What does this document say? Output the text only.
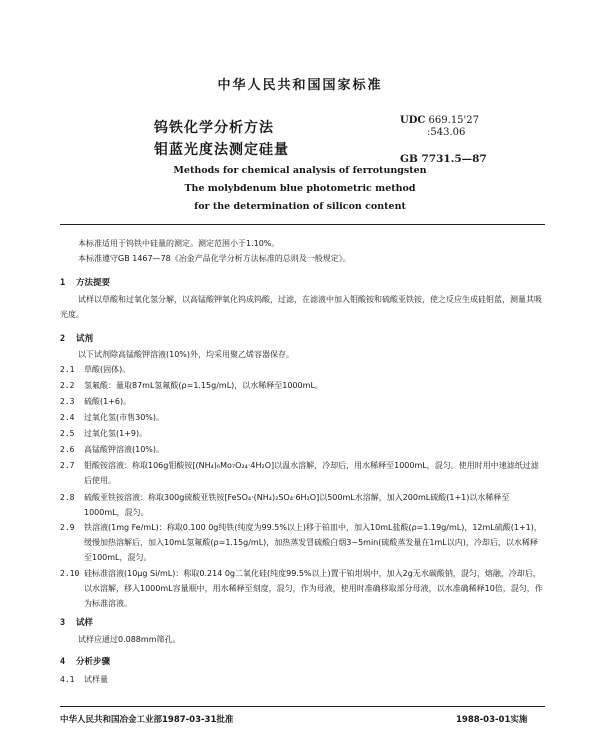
中华人民共和国国家标准
钨铁化学分析方法
钼蓝光度法测定硅量
UDC 669.15'27
:543.06
GB 7731.5—87
Methods for chemical analysis of ferrotungsten
The molybdenum blue photometric method
for the determination of silicon content
本标准适用于钨铁中硅量的测定。测定范围小于1.10%。
本标准遵守GB 1467—78《冶金产品化学分析方法标准的总则及一般规定》。
1 方法提要
试样以草酸和过氧化氢分解，以高锰酸钾氧化钨成钨酸，过滤，在滤液中加入钼酸铵和硫酸亚铁铵，使之反应生成硅钼蓝，测量其吸光度。
2 试剂
以下试剂除高锰酸钾溶液(10%)外，均采用聚乙烯容器保存。
2.1 草酸(固体)。
2.2 氢氟酸：量取87mL氢氟酸(ρ=1.15g/mL)，以水稀释至1000mL。
2.3 硫酸(1+6)。
2.4 过氧化氢(市售30%)。
2.5 过氧化氢(1+9)。
2.6 高锰酸钾溶液(10%)。
2.7 钼酸铵溶液：称取106g钼酸铵[(NH₄)₆Mo₇O₂₄·4H₂O]以温水溶解，冷却后，用水稀释至1000mL，混匀。使用时用中速滤纸过滤后使用。
2.8 硫酸亚铁铵溶液：称取300g硫酸亚铁铵[FeSO₄·(NH₄)₂SO₄·6H₂O]以500mL水溶解，加入200mL硫酸(1+1)以水稀释至1000mL，混匀。
2.9 铁溶液(1mg Fe/mL)：称取0.100 0g纯铁(纯度为99.5%以上)移于铂皿中，加入10mL盐酸(ρ=1.19g/mL)，12mL硫酸(1+1)，缓慢加热溶解后，加入10mL氢氟酸(ρ=1.15g/mL)，加热蒸发冒硫酸白烟3~5min(硫酸蒸发量在1mL以内)，冷却后，以水稀释至100mL，混匀。
2.10 硅标准溶液(10μg Si/mL)：称取0.214 0g二氧化硅(纯度99.5%以上)置于铂坩埚中，加入2g无水碳酸钠，混匀，熔融，冷却后，以水溶解，移入1000mL容量瓶中，用水稀释至刻度，混匀，作为母液，使用时准确移取部分母液，以水准确稀释10倍，混匀，作为标准溶液。
3 试样
试样应通过0.088mm筛孔。
4 分析步骤
4.1 试样量
中华人民共和国冶金工业部1987-03-31批准	1988-03-01实施
